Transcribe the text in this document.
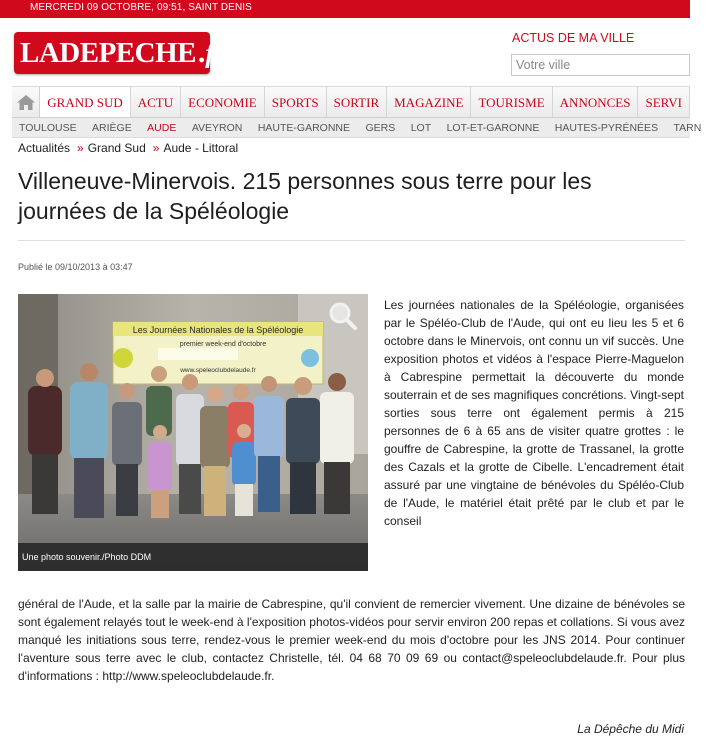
MERCREDI 09 OCTOBRE, 09:51, SAINT DENIS
LADEPECHE . fr	ACTUS DE MA VILLE
Votre ville
GRAND SUD	ACTU	ECONOMIE	SPORTS	SORTIR	MAGAZINE	TOURISME	ANNONCES	SERVI
TOULOUSE ARIÈGE AUDE AVEYRON HAUTE-GARONNE GERS LOT LOT-ET-GARONNE HAUTES-PYRÉNÉES TARN
Actualités » Grand Sud » Aude - Littoral
Villeneuve-Minervois. 215 personnes sous terre pour les journées de la Spéléologie
Publié le 09/10/2013 à 03:47
Les Journées Nationales de la Spéléologie
premier week-end d'octobre
www.speleoclubdelaude.fr
Une photo souvenir./Photo DDM

Les journées nationales de la Spéléologie, organisées par le Spéléo-Club de l'Aude, qui ont eu lieu les 5 et 6 octobre dans le Minervois, ont connu un vif succès. Une exposition photos et vidéos à l'espace Pierre-Maguelon à Cabrespine permettait la découverte du monde souterrain et de ses magnifiques concrétions. Vingt-sept sorties sous terre ont également permis à 215 personnes de 6 à 65 ans de visiter quatre grottes : le gouffre de Cabrespine, la grotte de Trassanel, la grotte des Cazals et la grotte de Cibelle. L'encadrement était assuré par une vingtaine de bénévoles du Spéléo-Club de l'Aude, le matériel était prêté par le club et par le conseil

général de l'Aude, et la salle par la mairie de Cabrespine, qu'il convient de remercier vivement. Une dizaine de bénévoles se sont également relayés tout le week-end à l'exposition photos-vidéos pour servir environ 200 repas et collations. Si vous avez manqué les initiations sous terre, rendez-vous le premier week-end du mois d'octobre pour les JNS 2014. Pour continuer l'aventure sous terre avec le club, contactez Christelle, tél. 04 68 70 09 69 ou contact@speleoclubdelaude.fr. Pour plus d'informations : http://www.speleoclubdelaude.fr.

La Dépêche du Midi
